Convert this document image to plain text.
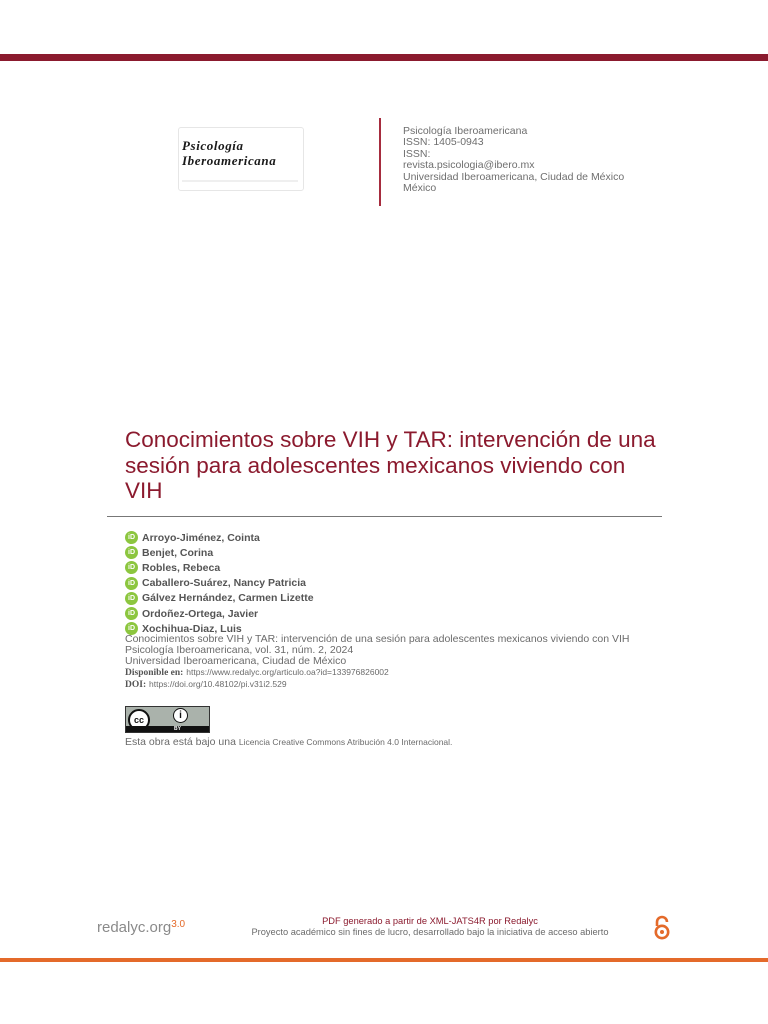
Psicología
Iberoamericana
Psicología Iberoamericana
ISSN: 1405-0943
ISSN:
revista.psicologia@ibero.mx
Universidad Iberoamericana, Ciudad de México
México
Conocimientos sobre VIH y TAR: intervención de una sesión para adolescentes mexicanos viviendo con VIH
iD Arroyo-Jiménez, Cointa
iD Benjet, Corina
iD Robles, Rebeca
iD Caballero-Suárez, Nancy Patricia
iD Gálvez Hernández, Carmen Lizette
iD Ordoñez-Ortega, Javier
iD Xochihua-Diaz, Luis
Conocimientos sobre VIH y TAR: intervención de una sesión para adolescentes mexicanos viviendo con VIH
Psicología Iberoamericana, vol. 31, núm. 2, 2024
Universidad Iberoamericana, Ciudad de México
Disponible en: https://www.redalyc.org/articulo.oa?id=133976826002
DOI: https://doi.org/10.48102/pi.v31i2.529
cc	i
BY
Esta obra está bajo una Licencia Creative Commons Atribución 4.0 Internacional.
redalyc.org$^{3.0}$	PDF generado a partir de XML-JATS4R por Redalyc
Proyecto académico sin fines de lucro, desarrollado bajo la iniciativa de acceso abierto
